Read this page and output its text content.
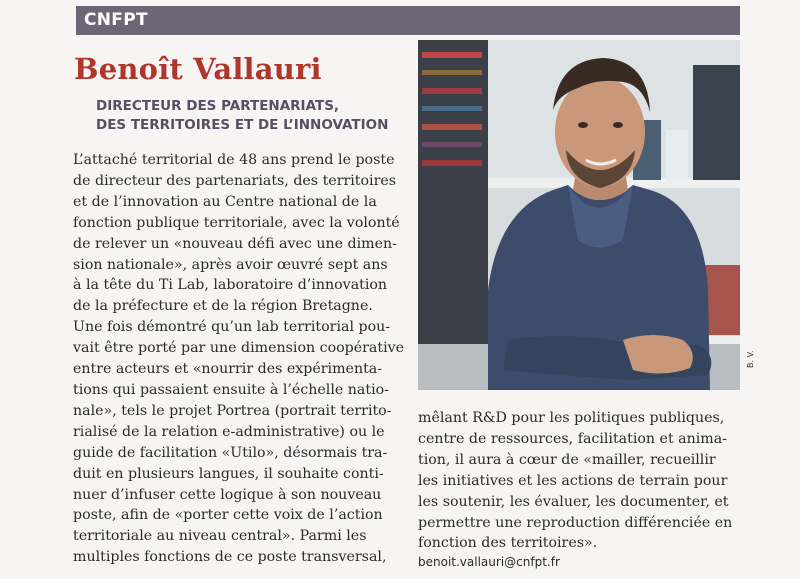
CNFPT
Benoît Vallauri
DIRECTEUR DES PARTENARIATS,
DES TERRITOIRES ET DE L’INNOVATION
L’attaché territorial de 48 ans prend le poste
de directeur des partenariats, des territoires
et de l’innovation au Centre national de la
fonction publique territoriale, avec la volonté
de relever un «nouveau défi avec une dimen-
sion nationale», après avoir œuvré sept ans
à la tête du Ti Lab, laboratoire d’innovation
de la préfecture et de la région Bretagne.
Une fois démontré qu’un lab territorial pou-
vait être porté par une dimension coopérative
entre acteurs et «nourrir des expérimenta-
tions qui passaient ensuite à l’échelle natio-
nale», tels le projet Portrea (portrait territo-
rialisé de la relation e-administrative) ou le
guide de facilitation «Utilo», désormais tra-
duit en plusieurs langues, il souhaite conti-
nuer d’infuser cette logique à son nouveau
poste, afin de «porter cette voix de l’action
territoriale au niveau central». Parmi les
multiples fonctions de ce poste transversal,
B. V.
mêlant R&D pour les politiques publiques,
centre de ressources, facilitation et anima-
tion, il aura à cœur de «mailler, recueillir
les initiatives et les actions de terrain pour
les soutenir, les évaluer, les documenter, et
permettre une reproduction différenciée en
fonction des territoires».
benoit.vallauri@cnfpt.fr
